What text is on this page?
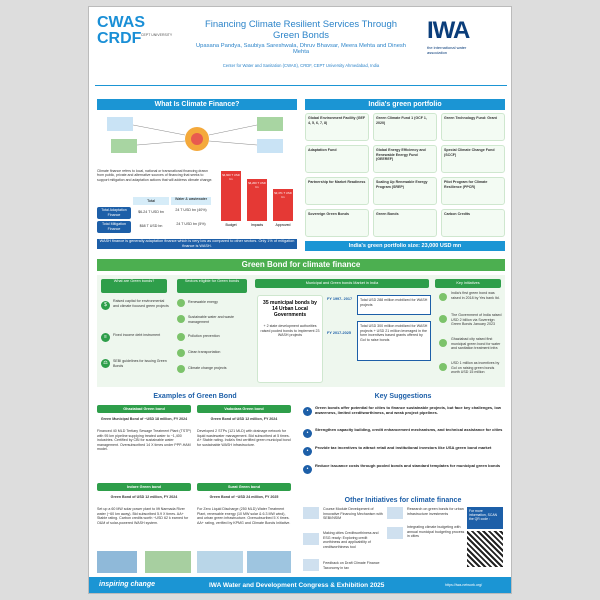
CWAS
CRDF CEPT UNIVERSITY
Financing Climate Resilient Services Through Green Bonds
Upasana Pandya, Saubiya Sareshwala, Dhruv Bhavsar, Meera Mehta and Dinesh Mehta
Center for Water and Sanitation (CWAS), CRDF, CEPT University Ahmedabad, India
IWA
the international water association
What Is Climate Finance?
Climate finance refers to local, national or transnational financing drawn from public, private and alternative sources of financing that seeks to support mitigation and adaptation actions that will address climate change.
Total	Water & wastewater
Total Adaptation Finance
$6-24 T USD bn	24 T USD bn (40%)
Total Mitigation Finance
$68 T USD bn	24 T USD bn (5%)
$4,600 T USD bn
$4,200 T USD bn
$3,471 T USD bn
Budget	Impacts	Approved
WASH finance is generally adaptation finance which is very low as compared to other sectors. Only 1% of mitigation finance is WASH.
India's green portfolio
Global Environment Facility (GEF 4, 5, 6, 7, 8)
Green Climate Fund 1 (GCF 1, 2020)
Green Technology Fund: Grant
Adaptation Fund	Global Energy Efficiency and Renewable Energy Fund (GEEREF)
Special Climate Change Fund (SCCF)
Partnership for Market Readiness	Scaling Up Renewable Energy Program (SREP)
Pilot Program for Climate Resilience (PPCR)
Sovereign Green Bonds	Green Bonds	Carbon Credits
India's green portfolio size: 23,000 USD mn
Green Bond for climate finance
What are Green bonds?
$
Raised capital for environmental and climate focused green projects
≡	Fixed income debt instrument
⚖	SEBI guidelines for issuing Green Bonds
Sectors eligible for Green bonds
Renewable energy
Sustainable water and waste management
Pollution prevention
Clean transportation
Climate change projects
Municipal and Green bonds Market in India
35 municipal bonds by 14 Urban Local Governments
+ 2 state development authorities raised pooled bonds to implement 23 WASH projects
FY 1997- 2017	Total USD 288 million mobilized for WASH projects
FY 2017-2025
Total USD 300 million mobilized for WASH projects + USD 21 million leveraged in the form incentives based grants offered by GoI to raise bonds
Key initiatives
India's first green bond was raised in 2018 by Yes bank ltd.
The Government of India raised USD 2 billion via Sovereign Green Bonds January 2023
Ghaziabad city raised first municipal green bond for water and sanitation treatment infra
USD 1 million as incentives by GoI on raising green bonds worth USD 15 million
Examples of Green Bond
Ghaziabad Green bond
Green Municipal Bond of ~USD 18 million, FY 2024
Financed 40 MLD Tertiary Sewage Treatment Plant (TSTP) with 95 km pipeline supplying treated water to ~1,400 industries. Certified by CBI for sustainable water management. Oversubscribed 14 X times under PPP-HAM model.
Vadodara Green bond
Green Bond of USD 12 million, FY 2024
Developed 2 STPs (121 MLD) with drainage network for liquid wastewater management. Bid subscribed at 5 times. A+ Stable rating. India's first certified green municipal bond for sustainable WASH infrastructure.
Indore Green bond
Green Bond of USD 12 million, FY 2024
Set up a 60 MW solar power plant to lift Narmada River water (~60 km away). Bid subscribed 5.9 X times. AA+ Stable rating. Carbon credits worth ~USD 62 k earned for O&M of solar-powered WASH system.
Surat Green bond
Green Bond of ~USD 24 million, FY 2025
For Zero Liquid Discharge (250 MLD) Water Treatment Plant, renewable energy (10 MW solar & 6.3 MW wind), and urban green infrastructure. Oversubscribed 5 X times. AA+ rating, verified by KPMG and Climate Bonds Initiative.
Key Suggestions
•
Green bonds offer potential for cities to finance sustainable projects, but face key challenges, low awareness, limited creditworthiness, and weak project pipelines.
•
Strengthen capacity building, credit enhancement mechanisms, and technical assistance for cities
•
Provide tax incentives to attract retail and institutional investors like USA green bond market
•
Reduce issuance costs through pooled bonds and standard templates for municipal green bonds
Other Initiatives for climate finance
Course Module Development of Innovative Financing Mechanism with SEBI/NSIM
Research on green bonds for urban infrastructure investments
Making cities Creditworthiness and ESG ready: Exploring credit worthiness and applicability of creditworthiness tool
Integrating climate budgeting with annual municipal budgeting process in cities
Feedback on Draft Climate Finance Taxonomy in tax
For more information, SCAN the QR code :
inspiring change	IWA Water and Development Congress & Exhibition 2025	https://iwa-network.org/
